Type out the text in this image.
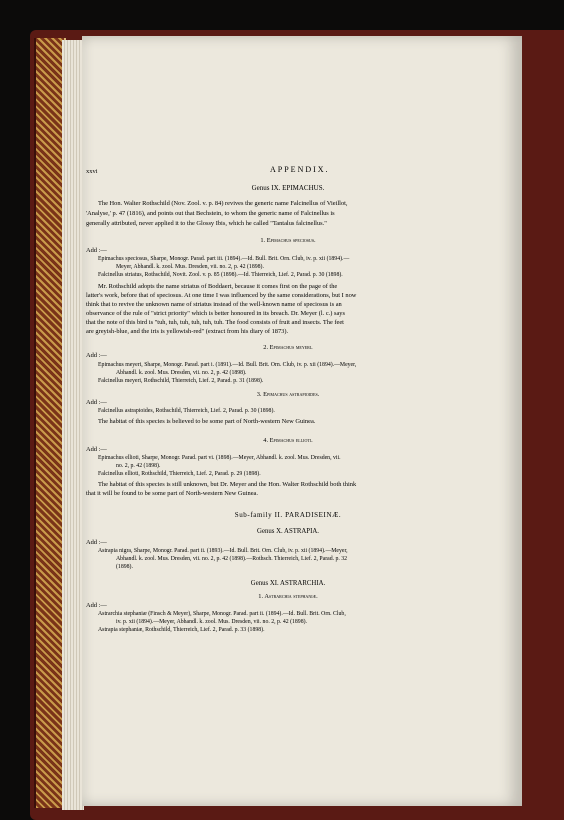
xxvi	APPENDIX.
Genus IX. EPIMACHUS.
The Hon. Walter Rothschild (Nov. Zool. v. p. 84) revives the generic name Falcinellus of Vieillot,
'Analyse,' p. 47 (1816), and points out that Bechstein, to whom the generic name of Falcinellus is
generally attributed, never applied it to the Glossy Ibis, which he called "Tantalus falcinellus."
1. Epimachus speciosus.
Add :—
Epimachus speciosus, Sharpe, Monogr. Parad. part iii. (1894).—Id. Bull. Brit. Orn. Club, iv. p. xii (1894).—
Meyer, Abhandl. k. zool. Mus. Dresden, vii. no. 2, p. 42 (1898).
Falcinellus striatus, Rothschild, Novit. Zool. v. p. 85 (1898).—Id. Thierreich, Lief. 2, Parad. p. 30 (1898).
Mr. Rothschild adopts the name striatus of Boddaert, because it comes first on the page of the
latter's work, before that of speciosus. At one time I was influenced by the same considerations, but I now
think that to revive the unknown name of striatus instead of the well-known name of speciosus is an
observance of the rule of "strict priority" which is better honoured in its breach. Dr. Meyer (l. c.) says
that the note of this bird is "tuh, tuh, tuh, tuh, tuh, tuh. The food consists of fruit and insects. The feet
are greyish-blue, and the iris is yellowish-red" (extract from his diary of 1873).
2. Epimachus meyeri.
Add :—
Epimachus meyeri, Sharpe, Monogr. Parad. part i. (1891).—Id. Bull. Brit. Orn. Club, iv. p. xii (1894).—Meyer,
Abhandl. k. zool. Mus. Dresden, vii. no. 2, p. 42 (1898).
Falcinellus meyeri, Rothschild, Thierreich, Lief. 2, Parad. p. 31 (1898).
3. Epimachus astrapioides.
Add :—
Falcinellus astrapioides, Rothschild, Thierreich, Lief. 2, Parad. p. 30 (1898).
The habitat of this species is believed to be some part of North-western New Guinea.
4. Epimachus ellioti.
Add :—
Epimachus ellioti, Sharpe, Monogr. Parad. part vi. (1898).—Meyer, Abhandl. k. zool. Mus. Dresden, vii.
no. 2, p. 42 (1898).
Falcinellus ellioti, Rothschild, Thierreich, Lief. 2, Parad. p. 29 (1898).
The habitat of this species is still unknown, but Dr. Meyer and the Hon. Walter Rothschild both think
that it will be found to be some part of North-western New Guinea.
Sub-family II. PARADISEINÆ.
Genus X. ASTRAPIA.
Add :—
Astrapia nigra, Sharpe, Monogr. Parad. part ii. (1893).—Id. Bull. Brit. Orn. Club, iv. p. xii (1894).—Meyer,
Abhandl. k. zool. Mus. Dresden, vii. no. 2, p. 42 (1898).—Rothsch. Thierreich, Lief. 2, Parad. p. 32
(1898).
Genus XI. ASTRARCHIA.
1. Astrarchia stephaniæ.
Add :—
Astrarchia stephaniæ (Finsch & Meyer), Sharpe, Monogr. Parad. part ii. (1894).—Id. Bull. Brit. Orn. Club,
iv. p. xii (1894).—Meyer, Abhandl. k. zool. Mus. Dresden, vii. no. 2, p. 42 (1898).
Astrapia stephaniæ, Rothschild, Thierreich, Lief. 2, Parad. p. 33 (1898).
